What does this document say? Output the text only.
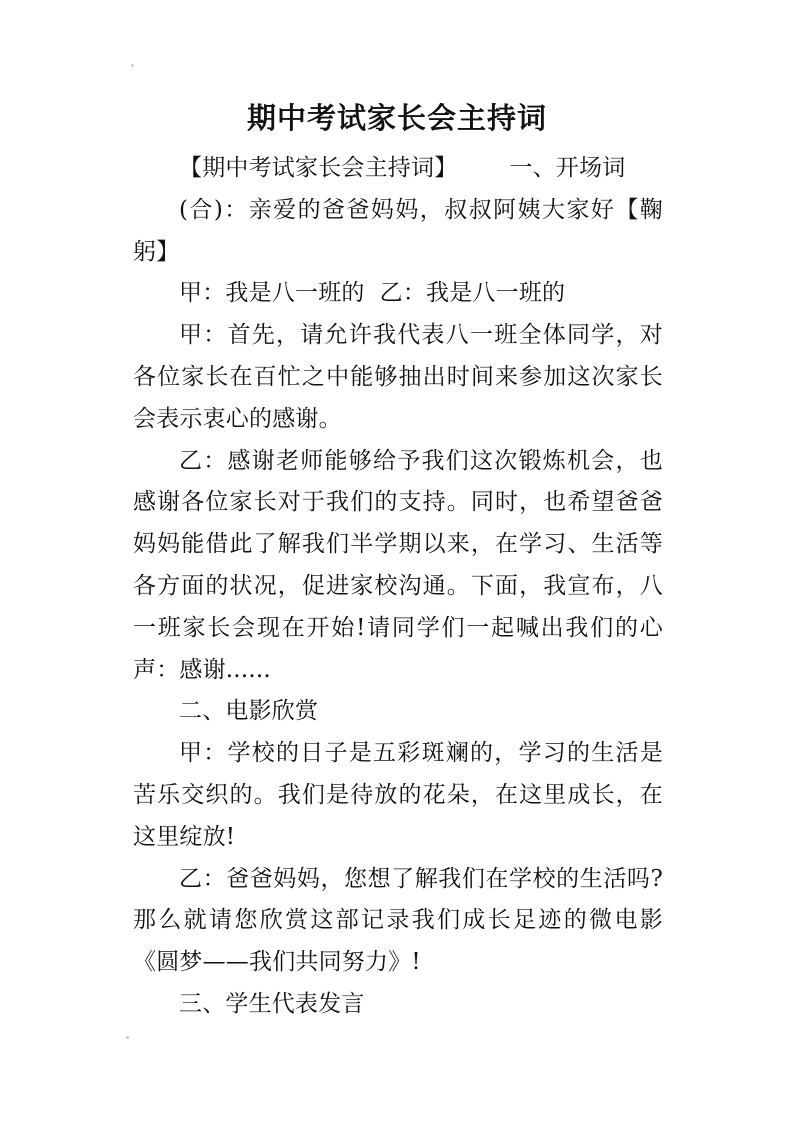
期中考试家长会主持词

【期中考试家长会主持词】 一、开场词

(合)：亲爱的爸爸妈妈，叔叔阿姨大家好【鞠躬】

甲：我是八一班的  乙：我是八一班的

甲：首先，请允许我代表八一班全体同学，对各位家长在百忙之中能够抽出时间来参加这次家长会表示衷心的感谢。

乙：感谢老师能够给予我们这次锻炼机会，也感谢各位家长对于我们的支持。同时，也希望爸爸妈妈能借此了解我们半学期以来，在学习、生活等各方面的状况，促进家校沟通。下面，我宣布，八一班家长会现在开始!请同学们一起喊出我们的心声：感谢......

二、电影欣赏

甲：学校的日子是五彩斑斓的，学习的生活是苦乐交织的。我们是待放的花朵，在这里成长，在这里绽放!

乙：爸爸妈妈，您想了解我们在学校的生活吗?那么就请您欣赏这部记录我们成长足迹的微电影《圆梦——我们共同努力》!

三、学生代表发言
